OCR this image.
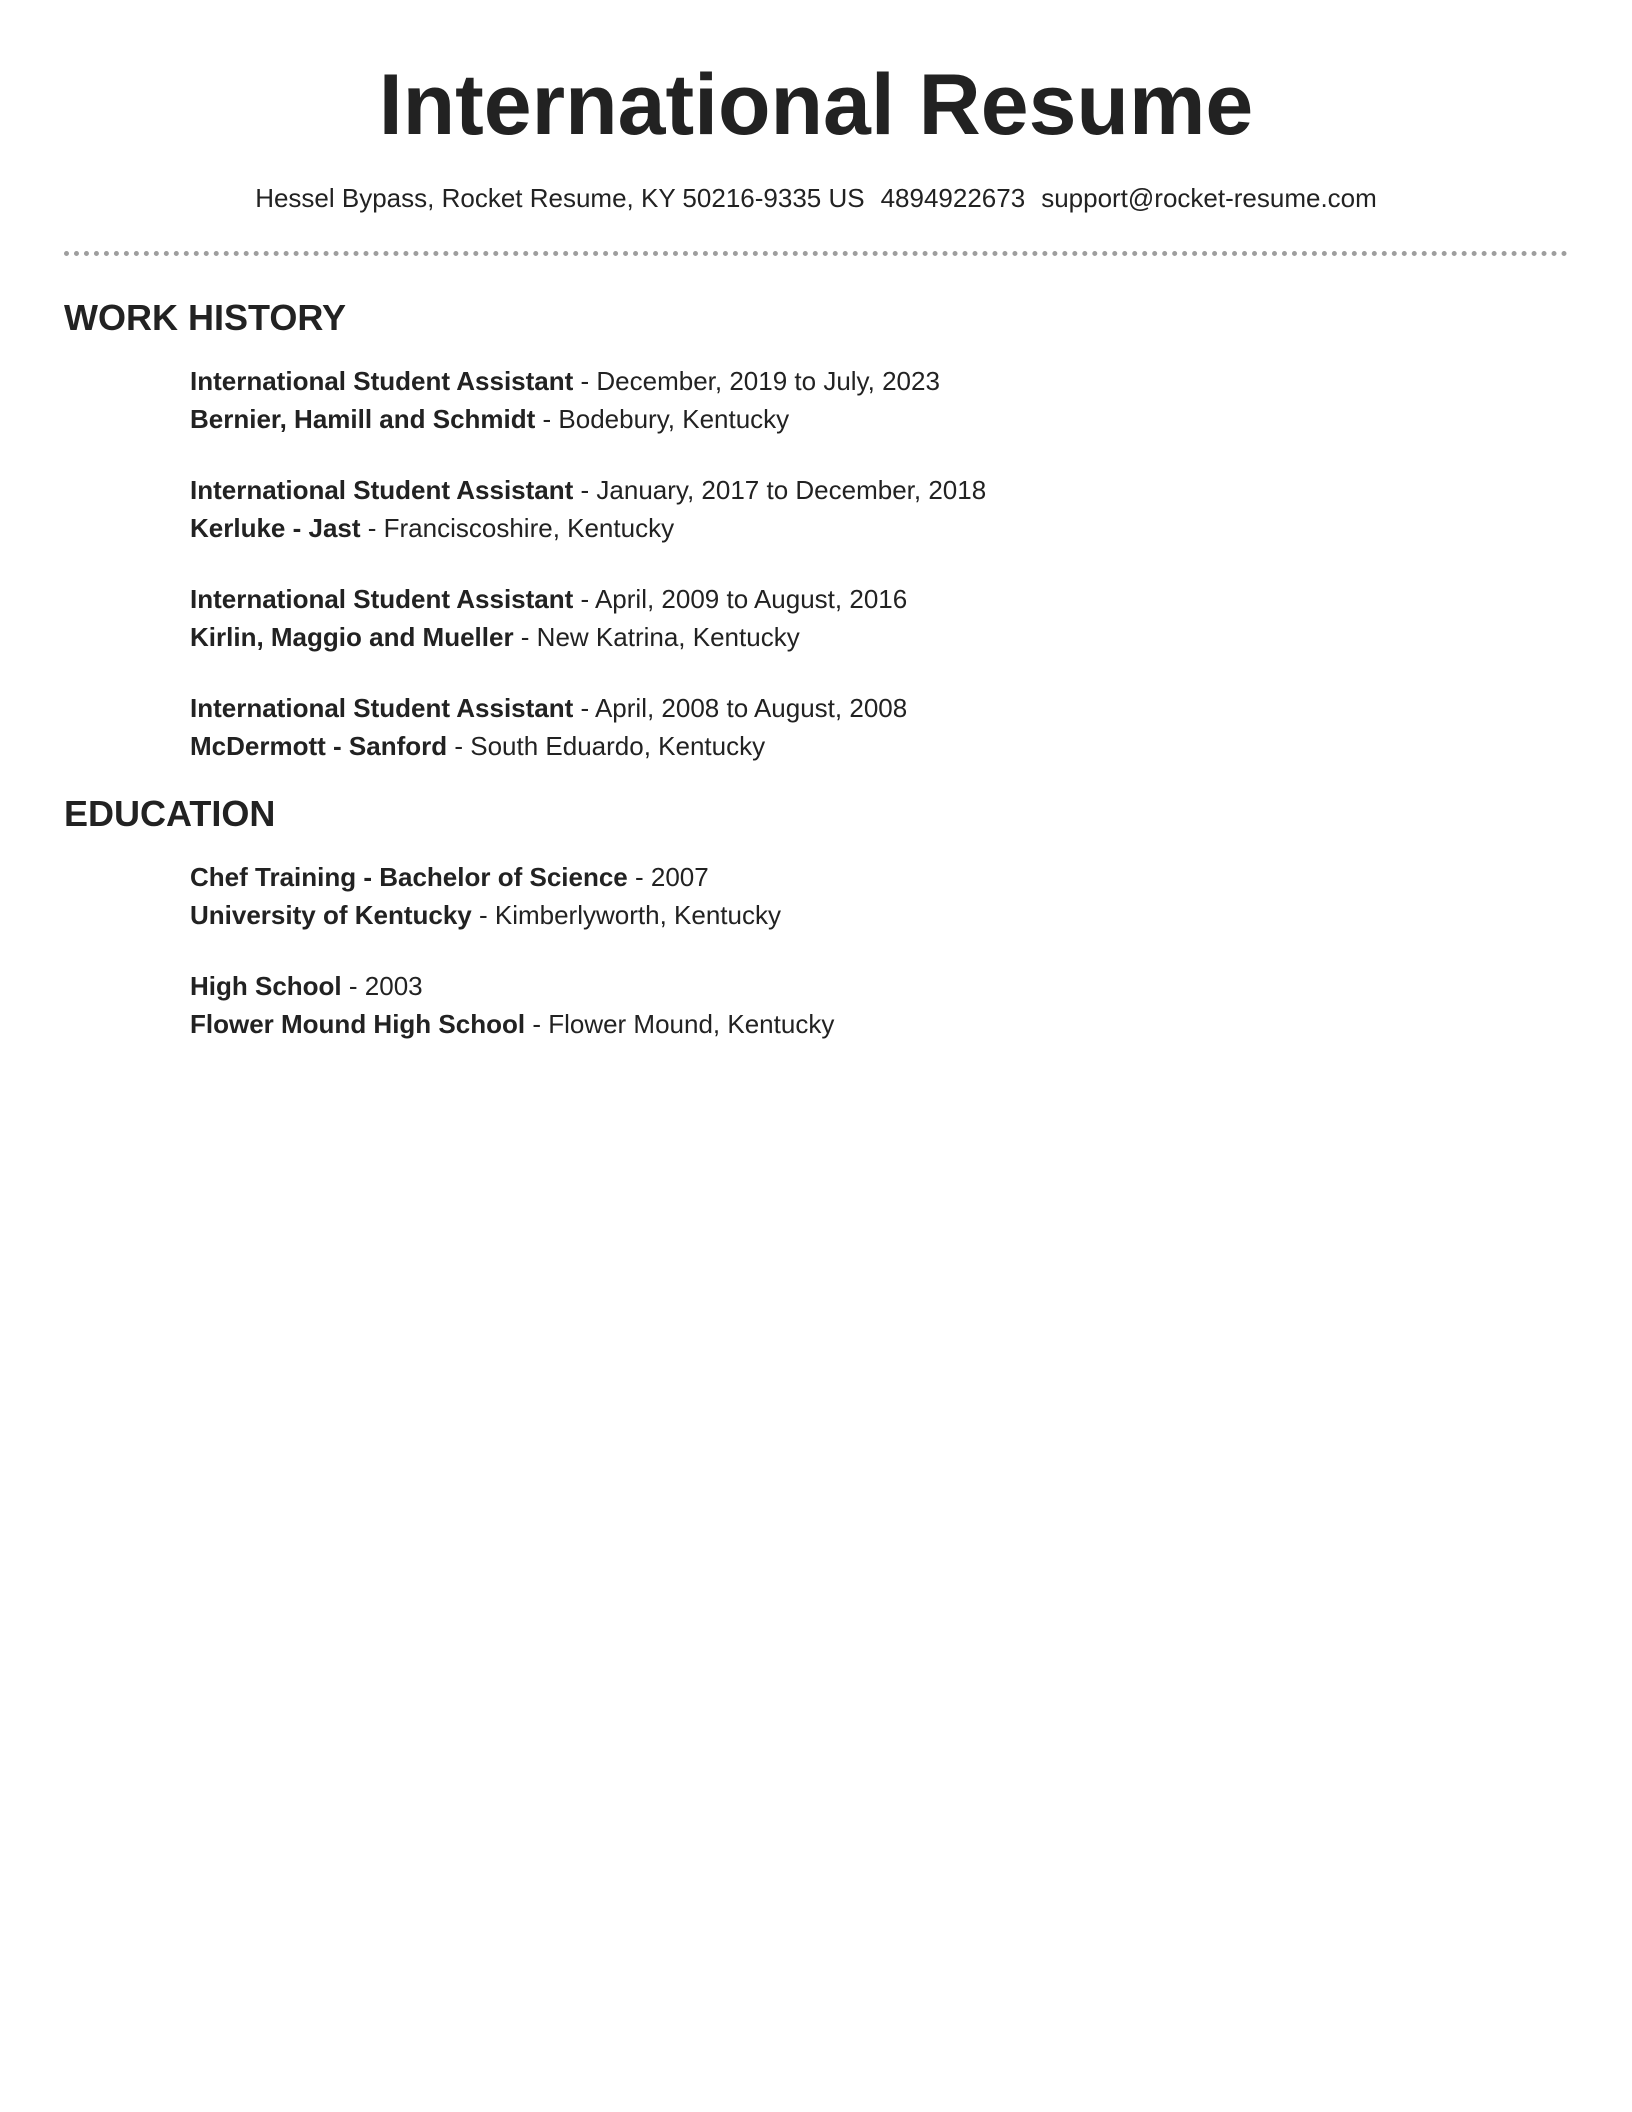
International Resume
Hessel Bypass, Rocket Resume, KY 50216-9335 US 4894922673 support@rocket-resume.com
WORK HISTORY
International Student Assistant - December, 2019 to July, 2023
Bernier, Hamill and Schmidt - Bodebury, Kentucky
International Student Assistant - January, 2017 to December, 2018
Kerluke - Jast - Franciscoshire, Kentucky
International Student Assistant - April, 2009 to August, 2016
Kirlin, Maggio and Mueller - New Katrina, Kentucky
International Student Assistant - April, 2008 to August, 2008
McDermott - Sanford - South Eduardo, Kentucky
EDUCATION
Chef Training - Bachelor of Science - 2007
University of Kentucky - Kimberlyworth, Kentucky
High School - 2003
Flower Mound High School - Flower Mound, Kentucky
